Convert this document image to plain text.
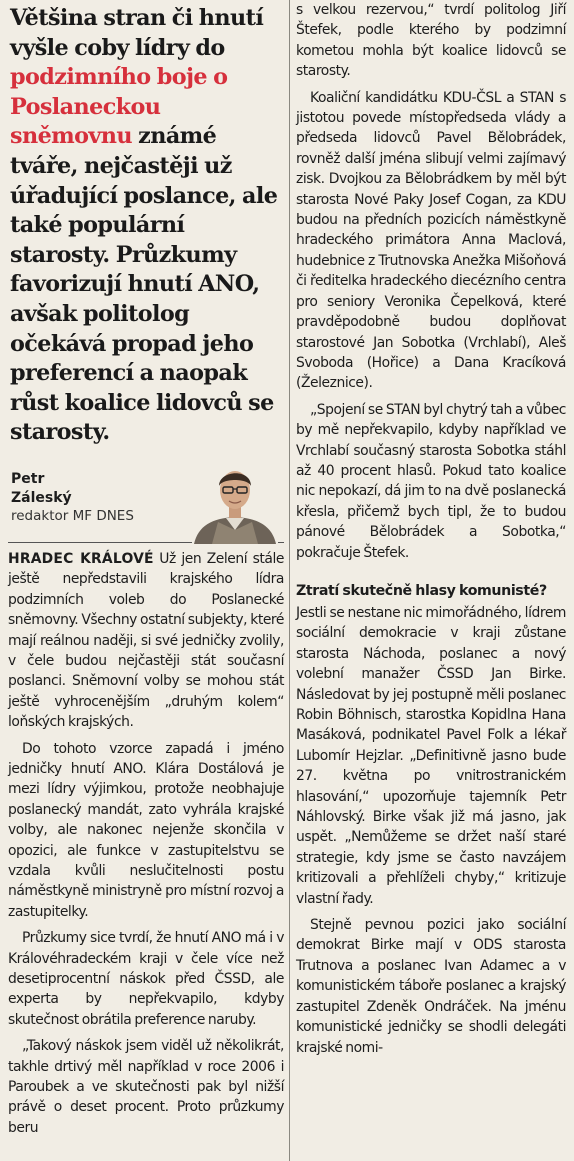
Většina stran či hnutí vyšle coby lídry do podzimního boje o Poslaneckou sněmovnu známé tváře, nejčastěji už úřadující poslance, ale také populární starosty. Průzkumy favorizují hnutí ANO, avšak politolog očekává propad jeho preferencí a naopak růst koalice lidovců se starosty.

Petr
Záleský
redaktor MF DNES

HRADEC KRÁLOVÉ Už jen Zelení stále ještě nepředstavili krajského lídra podzimních voleb do Poslanecké sněmovny. Všechny ostatní subjekty, které mají reálnou naději, si své jedničky zvolily, v čele budou nejčastěji stát současní poslanci. Sněmovní volby se mohou stát ještě vyhrocenějším „druhým kolem“ loňských krajských.

Do tohoto vzorce zapadá i jméno jedničky hnutí ANO. Klára Dostálová je mezi lídry výjimkou, protože neobhajuje poslanecký mandát, zato vyhrála krajské volby, ale nakonec nejenže skončila v opozici, ale funkce v zastupitelstvu se vzdala kvůli neslučitelnosti postu náměstkyně ministryně pro místní rozvoj a zastupitelky.

Průzkumy sice tvrdí, že hnutí ANO má i v Královéhradeckém kraji v čele více než desetiprocentní náskok před ČSSD, ale experta by nepřekvapilo, kdyby skutečnost obrátila preference naruby.

„Takový náskok jsem viděl už několikrát, takhle drtivý měl například v roce 2006 i Paroubek a ve skutečnosti pak byl nižší právě o deset procent. Proto průzkumy beru

s velkou rezervou,“ tvrdí politolog Jiří Štefek, podle kterého by podzimní kometou mohla být koalice lidovců se starosty.

Koaliční kandidátku KDU-ČSL a STAN s jistotou povede místopředseda vlády a předseda lidovců Pavel Bělobrádek, rovněž další jména slibují velmi zajímavý zisk. Dvojkou za Bělobrádkem by měl být starosta Nové Paky Josef Cogan, za KDU budou na předních pozicích náměstkyně hradeckého primátora Anna Maclová, hudebnice z Trutnovska Anežka Mišoňová či ředitelka hradeckého diecézního centra pro seniory Veronika Čepelková, které pravděpodobně budou doplňovat starostové Jan Sobotka (Vrchlabí), Aleš Svoboda (Hořice) a Dana Kracíková (Železnice).

„Spojení se STAN byl chytrý tah a vůbec by mě nepřekvapilo, kdyby například ve Vrchlabí současný starosta Sobotka stáhl až 40 procent hlasů. Pokud tato koalice nic nepokazí, dá jim to na dvě poslanecká křesla, přičemž bych tipl, že to budou pánové Bělobrádek a Sobotka,“ pokračuje Štefek.

Ztratí skutečně hlasy komunisté?

Jestli se nestane nic mimořádného, lídrem sociální demokracie v kraji zůstane starosta Náchoda, poslanec a nový volební manažer ČSSD Jan Birke. Následovat by jej postupně měli poslanec Robin Böhnisch, starostka Kopidlna Hana Masáková, podnikatel Pavel Folk a lékař Lubomír Hejzlar. „Definitivně jasno bude 27. května po vnitrostranickém hlasování,“ upozorňuje tajemník Petr Náhlovský. Birke však již má jasno, jak uspět. „Nemůžeme se držet naší staré strategie, kdy jsme se často navzájem kritizovali a přehlíželi chyby,“ kritizuje vlastní řady.

Stejně pevnou pozici jako sociální demokrat Birke mají v ODS starosta Trutnova a poslanec Ivan Adamec a v komunistickém táboře poslanec a krajský zastupitel Zdeněk Ondráček. Na jménu komunistické jedničky se shodli delegáti krajské nomi-
